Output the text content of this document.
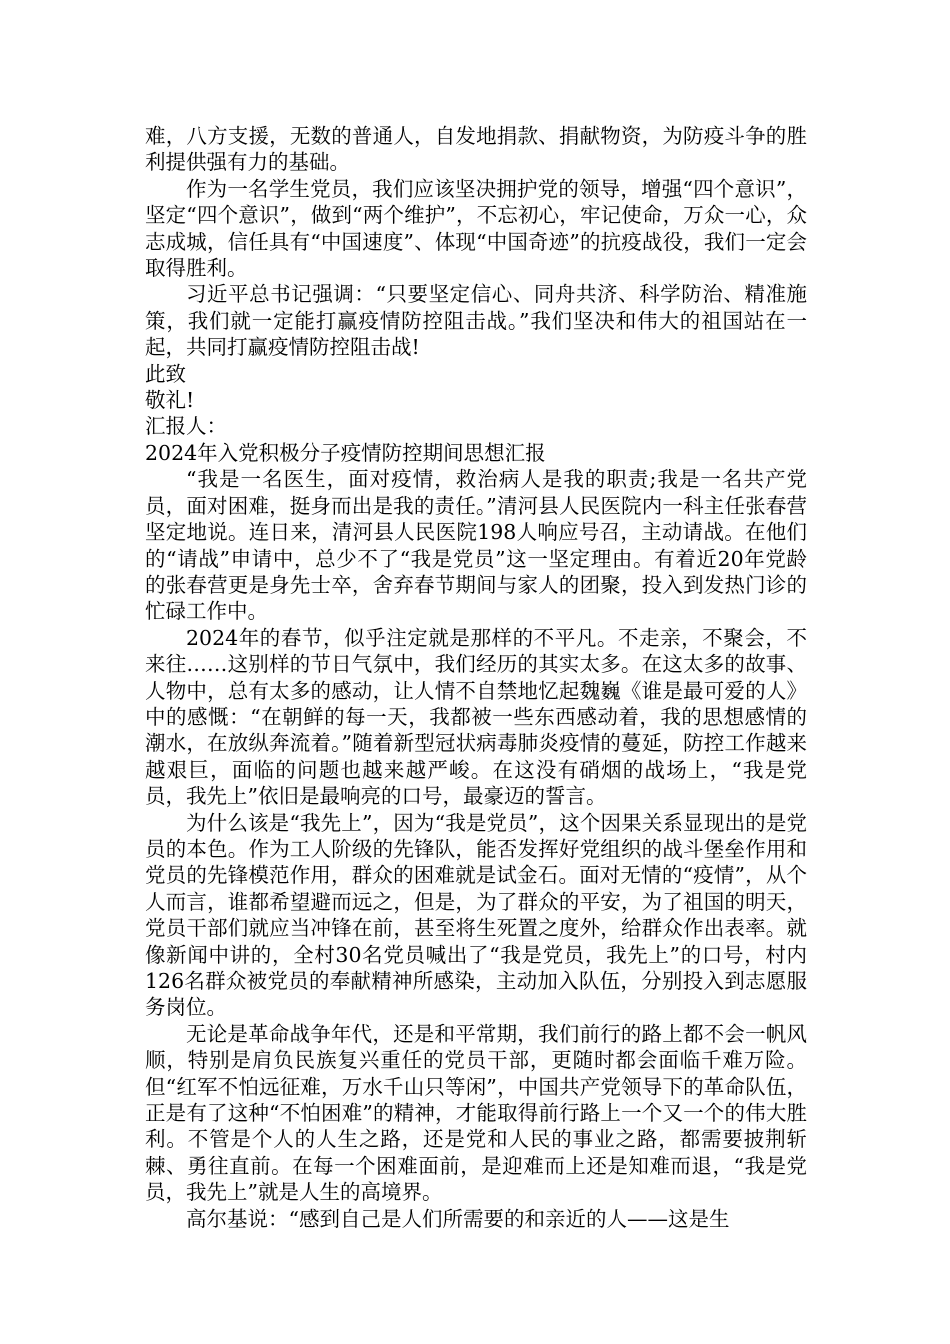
难，八方支援，无数的普通人，自发地捐款、捐献物资，为防疫斗争的胜利提供强有力的基础。

作为一名学生党员，我们应该坚决拥护党的领导，增强“四个意识”，坚定“四个意识”，做到“两个维护”，不忘初心，牢记使命，万众一心，众志成城，信任具有“中国速度”、体现“中国奇迹”的抗疫战役，我们一定会取得胜利。

习近平总书记强调：“只要坚定信心、同舟共济、科学防治、精准施策，我们就一定能打赢疫情防控阻击战。”我们坚决和伟大的祖国站在一起，共同打赢疫情防控阻击战!

此致

敬礼!

汇报人：

2024年入党积极分子疫情防控期间思想汇报

“我是一名医生，面对疫情，救治病人是我的职责;我是一名共产党员，面对困难，挺身而出是我的责任。”清河县人民医院内一科主任张春营坚定地说。连日来，清河县人民医院198人响应号召，主动请战。在他们的“请战”申请中，总少不了“我是党员”这一坚定理由。有着近20年党龄的张春营更是身先士卒，舍弃春节期间与家人的团聚，投入到发热门诊的忙碌工作中。

2024年的春节，似乎注定就是那样的不平凡。不走亲，不聚会，不来往……这别样的节日气氛中，我们经历的其实太多。在这太多的故事、人物中，总有太多的感动，让人情不自禁地忆起魏巍《谁是最可爱的人》中的感慨：“在朝鲜的每一天，我都被一些东西感动着，我的思想感情的潮水，在放纵奔流着。”随着新型冠状病毒肺炎疫情的蔓延，防控工作越来越艰巨，面临的问题也越来越严峻。在这没有硝烟的战场上，“我是党员，我先上”依旧是最响亮的口号，最豪迈的誓言。

为什么该是“我先上”，因为“我是党员”，这个因果关系显现出的是党员的本色。作为工人阶级的先锋队，能否发挥好党组织的战斗堡垒作用和党员的先锋模范作用，群众的困难就是试金石。面对无情的“疫情”，从个人而言，谁都希望避而远之，但是，为了群众的平安，为了祖国的明天，党员干部们就应当冲锋在前，甚至将生死置之度外，给群众作出表率。就像新闻中讲的，全村30名党员喊出了“我是党员，我先上”的口号，村内126名群众被党员的奉献精神所感染，主动加入队伍，分别投入到志愿服务岗位。

无论是革命战争年代，还是和平常期，我们前行的路上都不会一帆风顺，特别是肩负民族复兴重任的党员干部，更随时都会面临千难万险。但“红军不怕远征难，万水千山只等闲”，中国共产党领导下的革命队伍，正是有了这种“不怕困难”的精神，才能取得前行路上一个又一个的伟大胜利。不管是个人的人生之路，还是党和人民的事业之路，都需要披荆斩棘、勇往直前。在每一个困难面前，是迎难而上还是知难而退，“我是党员，我先上”就是人生的高境界。

高尔基说：“感到自己是人们所需要的和亲近的人——这是生
